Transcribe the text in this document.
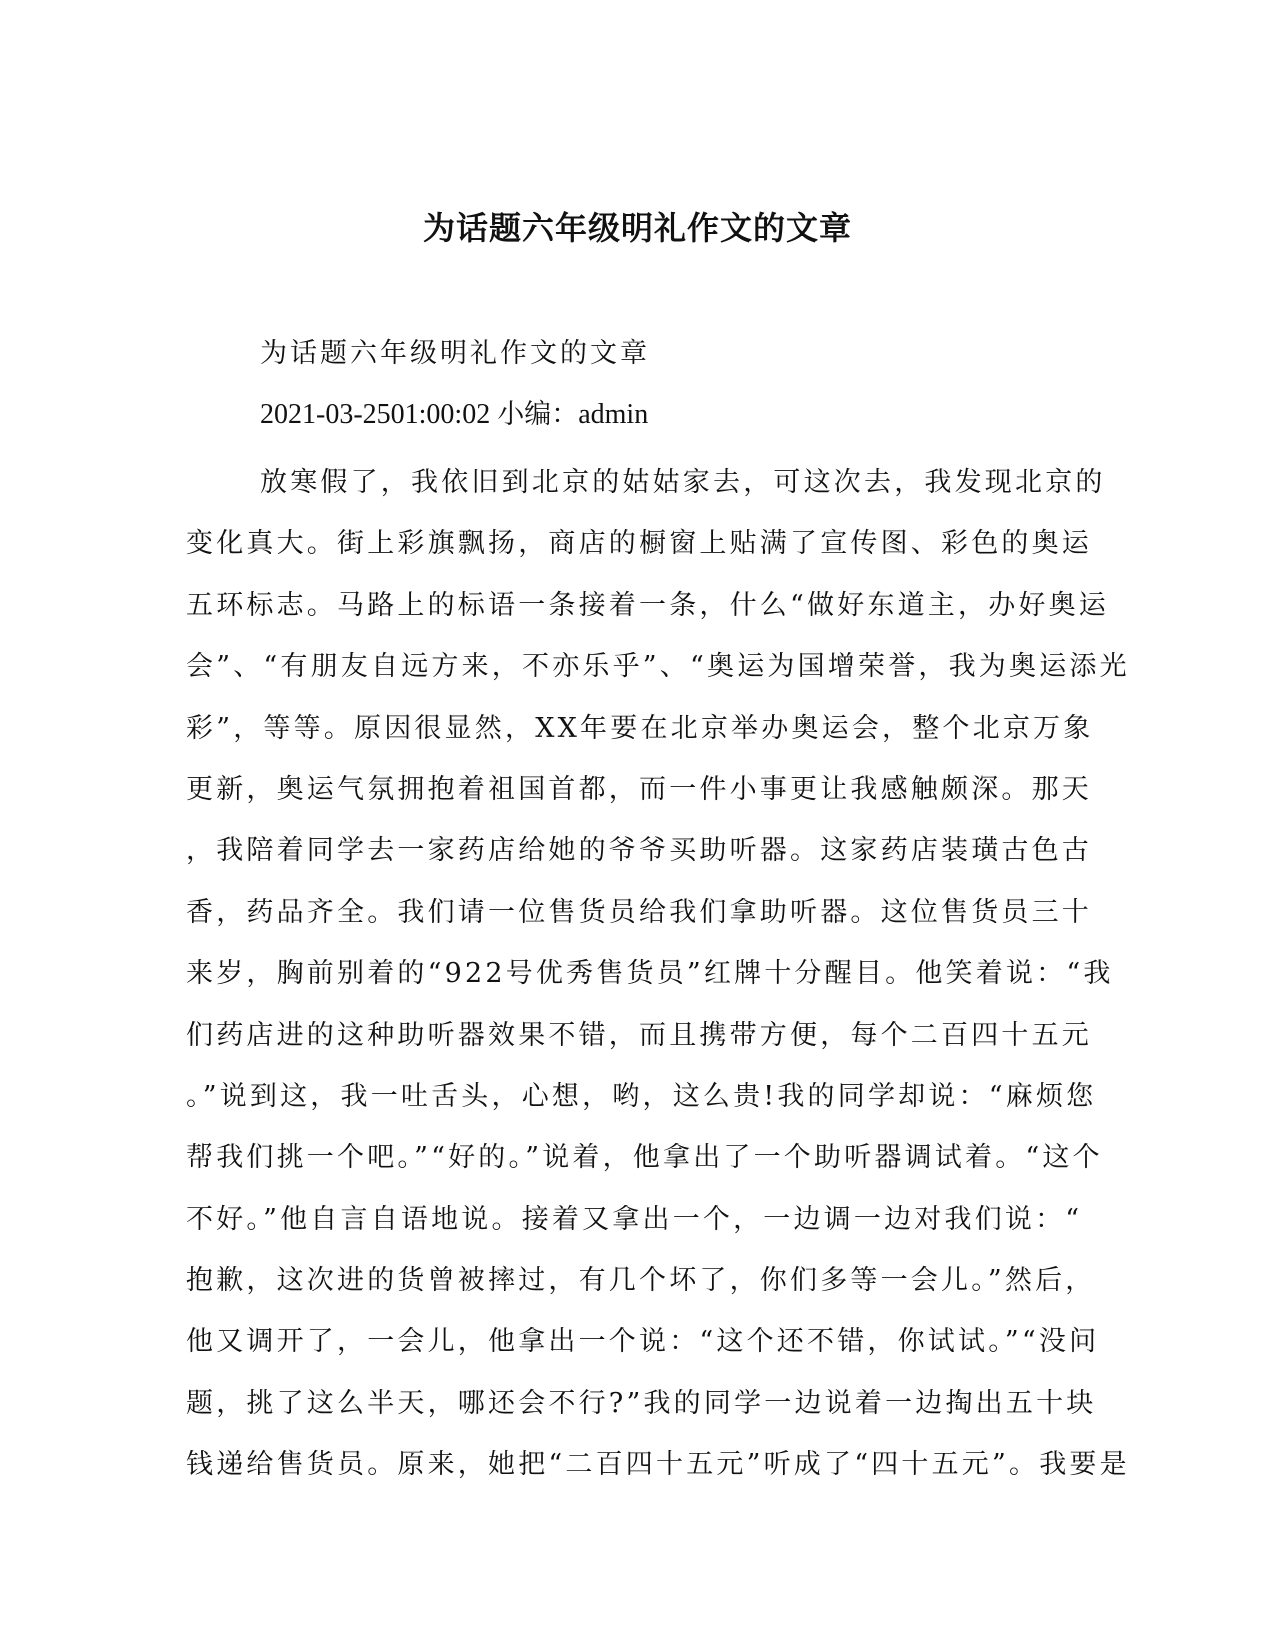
为话题六年级明礼作文的文章
为话题六年级明礼作文的文章
2021-03-2501:00:02 小编：admin
放寒假了，我依旧到北京的姑姑家去，可这次去，我发现北京的
变化真大。街上彩旗飘扬，商店的橱窗上贴满了宣传图、彩色的奥运
五环标志。马路上的标语一条接着一条，什么“做好东道主，办好奥运
会”、“有朋友自远方来，不亦乐乎”、“奥运为国增荣誉，我为奥运添光
彩”，等等。原因很显然，XX年要在北京举办奥运会，整个北京万象
更新，奥运气氛拥抱着祖国首都，而一件小事更让我感触颇深。那天
，我陪着同学去一家药店给她的爷爷买助听器。这家药店装璜古色古
香，药品齐全。我们请一位售货员给我们拿助听器。这位售货员三十
来岁，胸前别着的“922号优秀售货员”红牌十分醒目。他笑着说：“我
们药店进的这种助听器效果不错，而且携带方便，每个二百四十五元
。”说到这，我一吐舌头，心想，哟，这么贵!我的同学却说：“麻烦您
帮我们挑一个吧。”“好的。”说着，他拿出了一个助听器调试着。“这个
不好。”他自言自语地说。接着又拿出一个，一边调一边对我们说：“
抱歉，这次进的货曾被摔过，有几个坏了，你们多等一会儿。”然后，
他又调开了，一会儿，他拿出一个说：“这个还不错，你试试。”“没问
题，挑了这么半天，哪还会不行?”我的同学一边说着一边掏出五十块
钱递给售货员。原来，她把“二百四十五元”听成了“四十五元”。我要是
